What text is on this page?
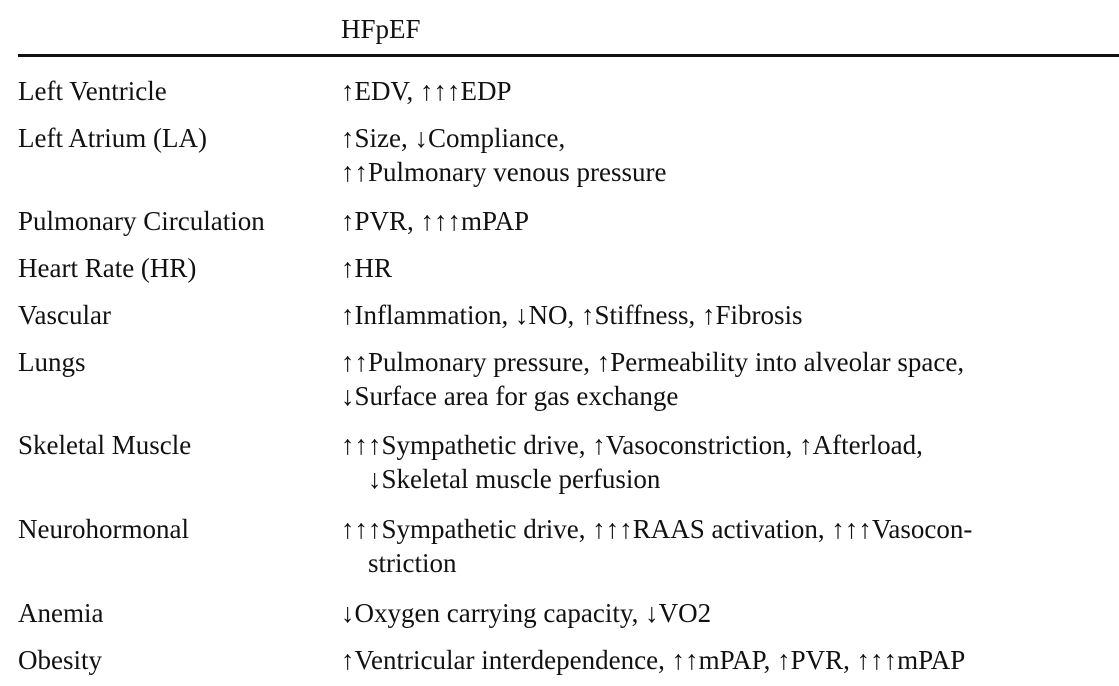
HFpEF
Left Ventricle	↑EDV, ↑↑↑EDP
Left Atrium (LA)	↑Size, ↓Compliance,
↑↑Pulmonary venous pressure
Pulmonary Circulation	↑PVR, ↑↑↑mPAP
Heart Rate (HR)	↑HR
Vascular	↑Inflammation, ↓NO, ↑Stiffness, ↑Fibrosis
Lungs	↑↑Pulmonary pressure, ↑Permeability into alveolar space,
↓Surface area for gas exchange
Skeletal Muscle	↑↑↑Sympathetic drive, ↑Vasoconstriction, ↑Afterload,
↓Skeletal muscle perfusion
Neurohormonal	↑↑↑Sympathetic drive, ↑↑↑RAAS activation, ↑↑↑Vasocon-
striction
Anemia	↓Oxygen carrying capacity, ↓VO2
Obesity	↑Ventricular interdependence, ↑↑mPAP, ↑PVR, ↑↑↑mPAP
